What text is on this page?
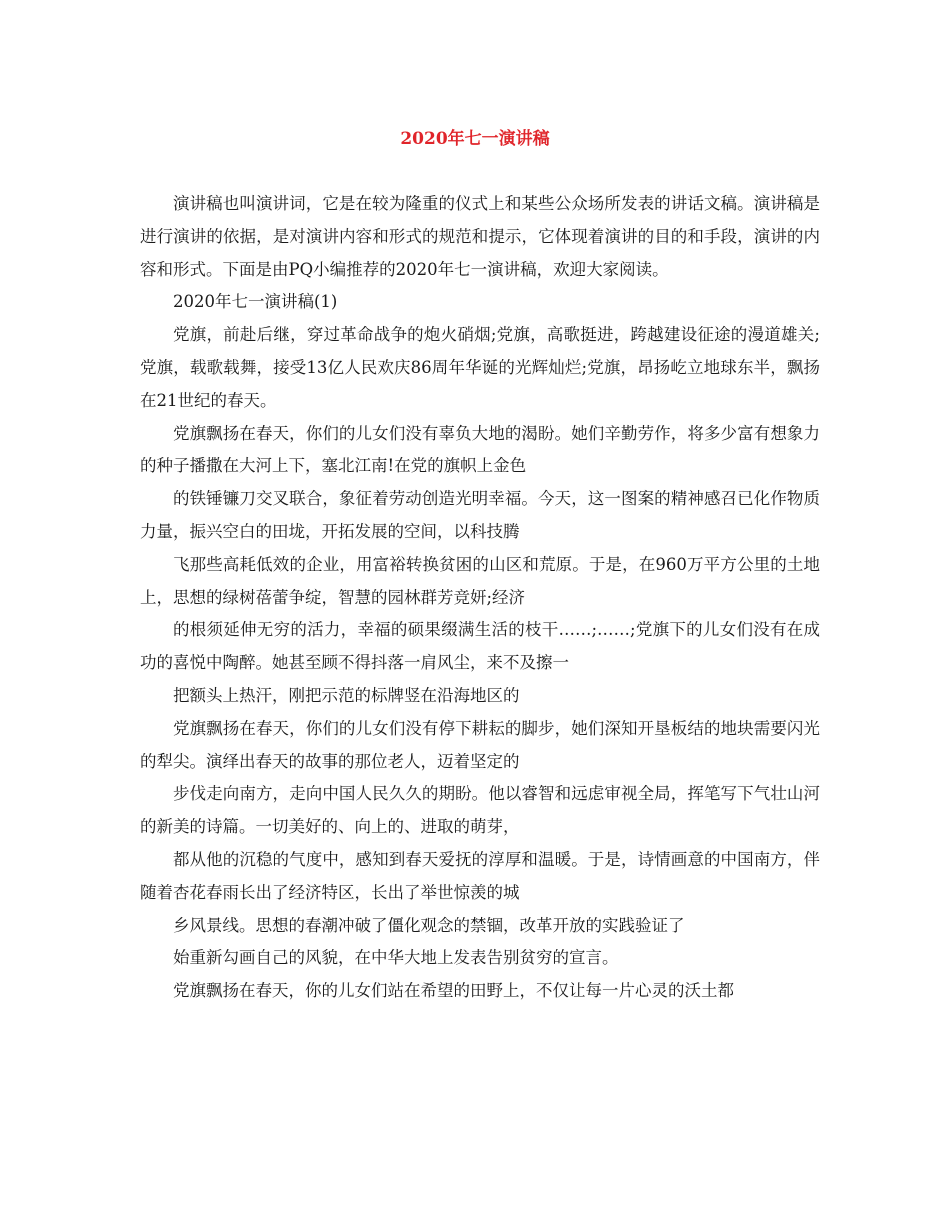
2020年七一演讲稿

演讲稿也叫演讲词，它是在较为隆重的仪式上和某些公众场所发表的讲话文稿。演讲稿是进行演讲的依据，是对演讲内容和形式的规范和提示，它体现着演讲的目的和手段，演讲的内容和形式。下面是由PQ小编推荐的2020年七一演讲稿，欢迎大家阅读。

2020年七一演讲稿(1)

党旗，前赴后继，穿过革命战争的炮火硝烟;党旗，高歌挺进，跨越建设征途的漫道雄关;党旗，载歌载舞，接受13亿人民欢庆86周年华诞的光辉灿烂;党旗，昂扬屹立地球东半，飘扬在21世纪的春天。

党旗飘扬在春天，你们的儿女们没有辜负大地的渴盼。她们辛勤劳作，将多少富有想象力的种子播撒在大河上下，塞北江南!在党的旗帜上金色

的铁锤镰刀交叉联合，象征着劳动创造光明幸福。今天，这一图案的精神感召已化作物质力量，振兴空白的田垅，开拓发展的空间，以科技腾

飞那些高耗低效的企业，用富裕转换贫困的山区和荒原。于是，在960万平方公里的土地上，思想的绿树蓓蕾争绽，智慧的园林群芳竞妍;经济

的根须延伸无穷的活力，幸福的硕果缀满生活的枝干……;……;党旗下的儿女们没有在成功的喜悦中陶醉。她甚至顾不得抖落一肩风尘，来不及擦一

把额头上热汗，刚把示范的标牌竖在沿海地区的

党旗飘扬在春天，你们的儿女们没有停下耕耘的脚步，她们深知开垦板结的地块需要闪光的犁尖。演绎出春天的故事的那位老人，迈着坚定的

步伐走向南方，走向中国人民久久的期盼。他以睿智和远虑审视全局，挥笔写下气壮山河的新美的诗篇。一切美好的、向上的、进取的萌芽，

都从他的沉稳的气度中，感知到春天爱抚的淳厚和温暖。于是，诗情画意的中国南方，伴随着杏花春雨长出了经济特区，长出了举世惊羡的城

乡风景线。思想的春潮冲破了僵化观念的禁锢，改革开放的实践验证了

始重新勾画自己的风貌，在中华大地上发表告别贫穷的宣言。

党旗飘扬在春天，你的儿女们站在希望的田野上，不仅让每一片心灵的沃土都
